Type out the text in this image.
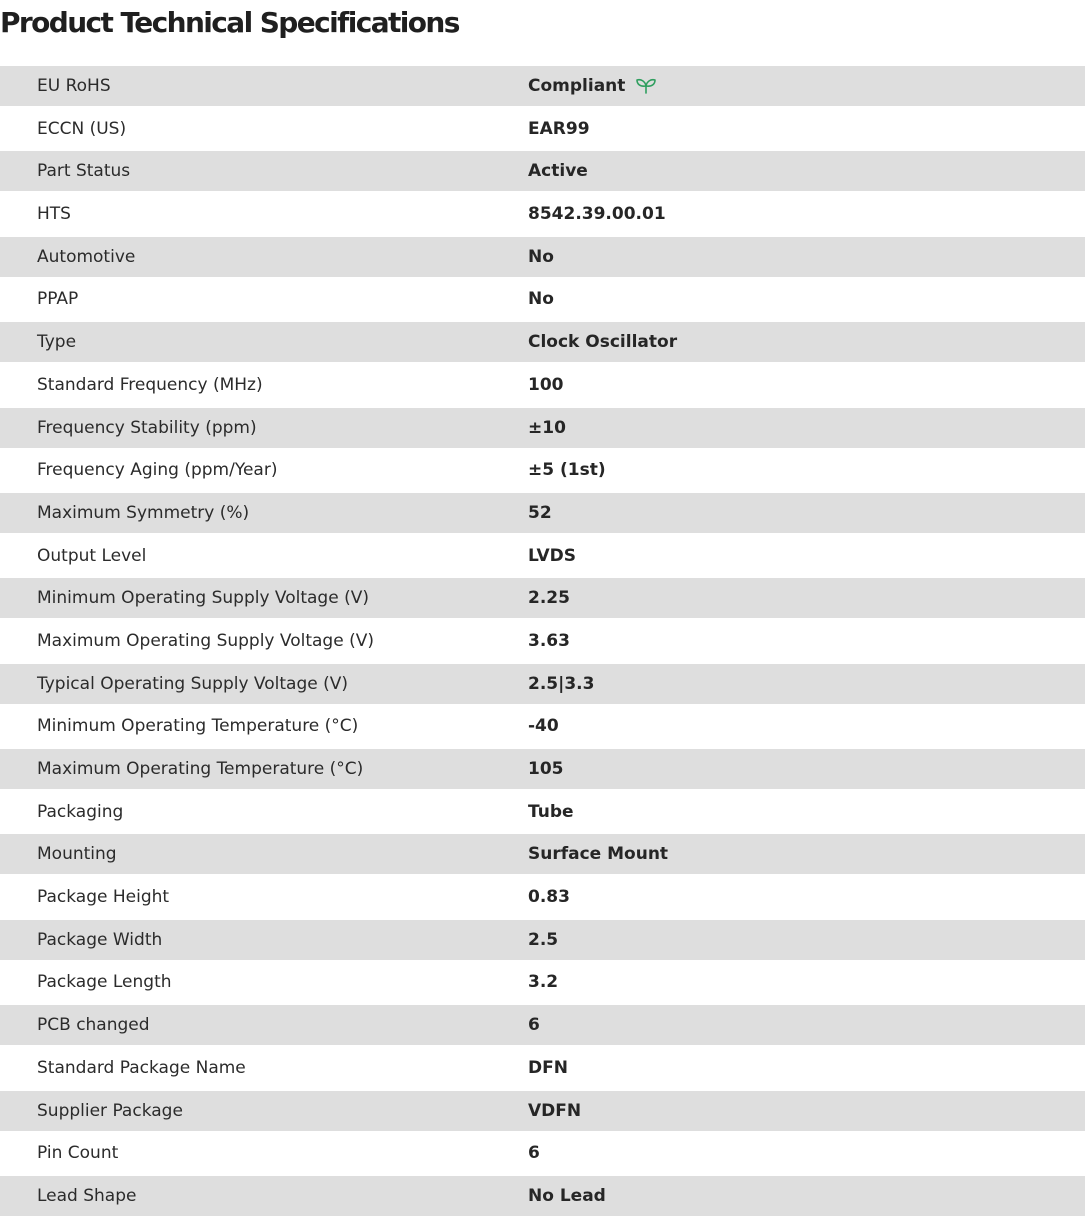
Product Technical Specifications
EU RoHS	Compliant
ECCN (US)	EAR99
Part Status	Active
HTS	8542.39.00.01
Automotive	No
PPAP	No
Type	Clock Oscillator
Standard Frequency (MHz)	100
Frequency Stability (ppm)	±10
Frequency Aging (ppm/Year)	±5 (1st)
Maximum Symmetry (%)	52
Output Level	LVDS
Minimum Operating Supply Voltage (V)	2.25
Maximum Operating Supply Voltage (V)	3.63
Typical Operating Supply Voltage (V)	2.5|3.3
Minimum Operating Temperature (°C)	-40
Maximum Operating Temperature (°C)	105
Packaging	Tube
Mounting	Surface Mount
Package Height	0.83
Package Width	2.5
Package Length	3.2
PCB changed	6
Standard Package Name	DFN
Supplier Package	VDFN
Pin Count	6
Lead Shape	No Lead
